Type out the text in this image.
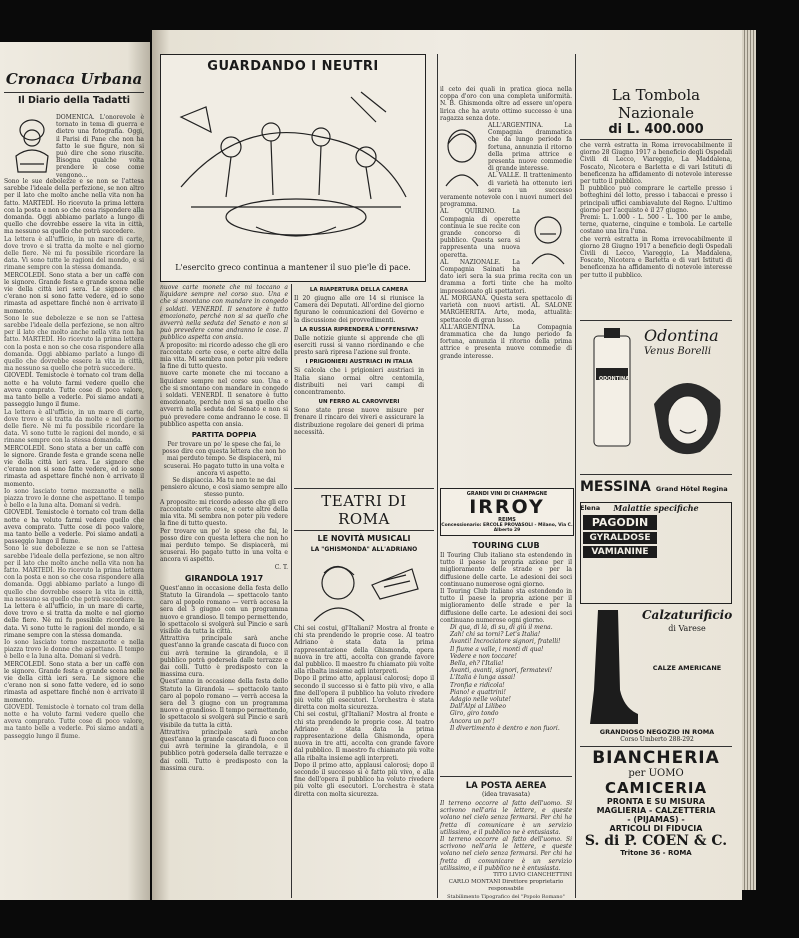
Cronaca Urbana

Il Diario della Tadatti

DOMENICA. L'onorevole è tornato in tema di guerra e dietro una fotografia. Oggi, il Parisi di Pane che non ha fatto le sue figure, non si può dire che sono riuscite. Bisogna qualche volta prendere le cose come vengono...

Sono le sue debolezze e se non se l'attesa sarebbe l'ideale della perfezione, se non altro per il lato che molto anche nella vita non ha fatto. MARTEDÌ. Ho ricevuto la prima lettera con la posta e non so che cosa rispondere alla domanda. Oggi abbiamo parlato a lungo di quello che dovrebbe essere la vita in città, ma nessuno sa quello che potrà succedere.

La lettera è all'ufficio, in un mare di carte, dove trovo e si tratta da molte e nel giorno delle fiere. Nè mi fu possibile ricordare la data. Vi sono tutte le ragioni del mondo, e si rimane sempre con la stessa domanda.

MERCOLEDÌ. Sono stata a ber un caffè con le signore. Grande festa e grande scena nelle vie della città ieri sera. Le signore che c'erano non si sono fatte vedere, ed io sono rimasta ad aspettare finché non è arrivato il momento.

Sono le sue debolezze e se non se l'attesa sarebbe l'ideale della perfezione, se non altro per il lato che molto anche nella vita non ha fatto. MARTEDÌ. Ho ricevuto la prima lettera con la posta e non so che cosa rispondere alla domanda. Oggi abbiamo parlato a lungo di quello che dovrebbe essere la vita in città, ma nessuno sa quello che potrà succedere.

GIOVEDÌ. Temistocle è tornato col tram della notte e ha voluto farmi vedere quello che aveva comprato. Tutte cose di poco valore, ma tanto belle a vederle. Poi siamo andati a passeggio lungo il fiume.

La lettera è all'ufficio, in un mare di carte, dove trovo e si tratta da molte e nel giorno delle fiere. Nè mi fu possibile ricordare la data. Vi sono tutte le ragioni del mondo, e si rimane sempre con la stessa domanda.

MERCOLEDÌ. Sono stata a ber un caffè con le signore. Grande festa e grande scena nelle vie della città ieri sera. Le signore che c'erano non si sono fatte vedere, ed io sono rimasta ad aspettare finché non è arrivato il momento.

Io sono lasciato torno mezzanotte e nella piazza trovo le donne che aspettano. Il tempo è bello e la luna alta. Domani si vedrà.

GIOVEDÌ. Temistocle è tornato col tram della notte e ha voluto farmi vedere quello che aveva comprato. Tutte cose di poco valore, ma tanto belle a vederle. Poi siamo andati a passeggio lungo il fiume.

Sono le sue debolezze e se non se l'attesa sarebbe l'ideale della perfezione, se non altro per il lato che molto anche nella vita non ha fatto. MARTEDÌ. Ho ricevuto la prima lettera con la posta e non so che cosa rispondere alla domanda. Oggi abbiamo parlato a lungo di quello che dovrebbe essere la vita in città, ma nessuno sa quello che potrà succedere.

La lettera è all'ufficio, in un mare di carte, dove trovo e si tratta da molte e nel giorno delle fiere. Nè mi fu possibile ricordare la data. Vi sono tutte le ragioni del mondo, e si rimane sempre con la stessa domanda.

Io sono lasciato torno mezzanotte e nella piazza trovo le donne che aspettano. Il tempo è bello e la luna alta. Domani si vedrà.

MERCOLEDÌ. Sono stata a ber un caffè con le signore. Grande festa e grande scena nelle vie della città ieri sera. Le signore che c'erano non si sono fatte vedere, ed io sono rimasta ad aspettare finché non è arrivato il momento.

GIOVEDÌ. Temistocle è tornato col tram della notte e ha voluto farmi vedere quello che aveva comprato. Tutte cose di poco valore, ma tanto belle a vederle. Poi siamo andati a passeggio lungo il fiume.

GUARDANDO I NEUTRI

L'esercito greco continua a mantener il suo pie'le di pace.

nuove carte monete che mi toccano a liquidare sempre nel corso suo. Una e che si smontano con mandare in congedo i soldati. VENERDÌ. Il senatore è tutto emozionato, perché non si sa quello che avverrà nella seduta del Senato e non si può prevedere come andranno le cose. Il pubblico aspetta con ansia.

A proposito: mi ricordo adesso che gli ero raccontate certe cose, e certe altre della mia vita. Mi sembra non poter più vedere la fine di tutto questo.

nuove carte monete che mi toccano a liquidare sempre nel corso suo. Una e che si smontano con mandare in congedo i soldati. VENERDÌ. Il senatore è tutto emozionato, perché non si sa quello che avverrà nella seduta del Senato e non si può prevedere come andranno le cose. Il pubblico aspetta con ansia.

PARTITA DOPPIA

Per trovare un po' le spese che fai, le posso dire con questa lettera che non ho mai perduto tempo. Se dispiacerà, mi scuserai. Ho pagato tutto in una volta e ancora vi aspetto.

Se dispiaccia. Ma tu non te ne dai pensiero alcuno, e così siamo sempre allo stesso punto.

A proposito: mi ricordo adesso che gli ero raccontate certe cose, e certe altre della mia vita. Mi sembra non poter più vedere la fine di tutto questo.

Per trovare un po' le spese che fai, le posso dire con questa lettera che non ho mai perduto tempo. Se dispiacerà, mi scuserai. Ho pagato tutto in una volta e ancora vi aspetto.

C. T.

GIRANDOLA 1917

Quest'anno in occasione della festa dello Statuto la Girandola — spettacolo tanto caro al popolo romano — verrà accesa la sera del 3 giugno con un programma nuovo e grandioso. Il tempo permettendo, lo spettacolo si svolgerà sul Pincio e sarà visibile da tutta la città.

Attrattiva principale sarà anche quest'anno la grande cascata di fuoco con cui avrà termine la girandola, e il pubblico potrà godersela dalle terrazze e dai colli. Tutto è predisposto con la massima cura.

Quest'anno in occasione della festa dello Statuto la Girandola — spettacolo tanto caro al popolo romano — verrà accesa la sera del 3 giugno con un programma nuovo e grandioso. Il tempo permettendo, lo spettacolo si svolgerà sul Pincio e sarà visibile da tutta la città.

Attrattiva principale sarà anche quest'anno la grande cascata di fuoco con cui avrà termine la girandola, e il pubblico potrà godersela dalle terrazze e dai colli. Tutto è predisposto con la massima cura.

LA RIAPERTURA DELLA CAMERA

Il 20 giugno alle ore 14 si riunisce la Camera dei Deputati. All'ordine del giorno figurano le comunicazioni del Governo e la discussione dei provvedimenti.

LA RUSSIA RIPRENDERÀ L'OFFENSIVA?

Dalle notizie giunte si apprende che gli eserciti russi si vanno riordinando e che presto sarà ripresa l'azione sul fronte.

I PRIGIONIERI AUSTRIACI IN ITALIA

Si calcola che i prigionieri austriaci in Italia siano ormai oltre centomila, distribuiti nei vari campi di concentramento.

UN FERRO AL CAROVIVERI

Sono state prese nuove misure per frenare il rincaro dei viveri e assicurare la distribuzione regolare dei generi di prima necessità.

TEATRI DI ROMA

LE NOVITÀ MUSICALI

LA "GHISMONDA" ALL'ADRIANO

Chi sei costui, gl'Italiani? Mostra al fronte e chi sta prendendo le proprie cose. Al teatro Adriano è stata data la prima rappresentazione della Ghismonda, opera nuova in tre atti, accolta con grande favore dal pubblico. Il maestro fu chiamato più volte alla ribalta insieme agli interpreti.

Dopo il primo atto, applausi calorosi; dopo il secondo il successo si è fatto più vivo, e alla fine dell'opera il pubblico ha voluto rivedere più volte gli esecutori. L'orchestra è stata diretta con molta sicurezza.

Chi sei costui, gl'Italiani? Mostra al fronte e chi sta prendendo le proprie cose. Al teatro Adriano è stata data la prima rappresentazione della Ghismonda, opera nuova in tre atti, accolta con grande favore dal pubblico. Il maestro fu chiamato più volte alla ribalta insieme agli interpreti.

Dopo il primo atto, applausi calorosi; dopo il secondo il successo si è fatto più vivo, e alla fine dell'opera il pubblico ha voluto rivedere più volte gli esecutori. L'orchestra è stata diretta con molta sicurezza.

il ceto dei quali in pratica gioca nella coppa d'oro con una completa uniformità. N. B. Ghismonda oltre ad essere un'opera lirica che ha avuto ottimo successo è una ragazza senza dote.

ALL'ARGENTINA. La Compagnia drammatica che da lungo periodo fa fortuna, annunzia il ritorno della prima attrice e presenta nuove commedie di grande interesse.

AL VALLE. Il trattenimento di varietà ha ottenuto ieri sera un successo veramente notevole con i nuovi numeri del programma.

AL QUIRINO. La Compagnia di operette continua le sue recite con grande concorso di pubblico. Questa sera si rappresenta una nuova operetta.

AL NAZIONALE. La Compagnia Sainati ha dato ieri sera la sua prima recita con un dramma a forti tinte che ha molto impressionato gli spettatori.

AL MORGANA. Questa sera spettacolo di varietà con nuovi artisti. AL SALONE MARGHERITA. Arte, moda, attualità: spettacolo di gran lusso.

ALL'ARGENTINA. La Compagnia drammatica che da lungo periodo fa fortuna, annunzia il ritorno della prima attrice e presenta nuove commedie di grande interesse.

GRANDI VINI DI CHAMPAGNE

IRROY

REIMS

Concessionario: ERCOLE PROVASOLI - Milano, Via C. Alberto 29

TOURING CLUB

Il Touring Club italiano sta estendendo in tutto il paese la propria azione per il miglioramento delle strade e per la diffusione delle carte. Le adesioni dei soci continuano numerose ogni giorno.

Il Touring Club italiano sta estendendo in tutto il paese la propria azione per il miglioramento delle strade e per la diffusione delle carte. Le adesioni dei soci continuano numerose ogni giorno.

Di qua, di là, di su, di giù il mena.

Zah! chi sa torni? Let's Italia!

Avanti! Incrociatore signori, fratelli!

Il fiume a valle, i monti di qua!

Vedere e non toccare!

Bella, eh? l'Italia!

Avanti, avanti, signori, fermatevi!

L'Italia è lunga assai!

Tronfia e ridicola!

Piano! e quattrini!

Adagio nelle volute!

Dall'Alpi al Lilibeo

Giro, giro tondo

Ancora un po'!

Il divertimento è dentro e non fuori.

LA POSTA AEREA

(idea travasata)

Il terreno occorre al fatto dell'uomo. Si scrivono nell'aria le lettere, e queste volano nel cielo senza fermarsi. Per chi ha fretta di comunicare è un servizio utilissimo, e il pubblico ne è entusiasta.

Il terreno occorre al fatto dell'uomo. Si scrivono nell'aria le lettere, e queste volano nel cielo senza fermarsi. Per chi ha fretta di comunicare è un servizio utilissimo, e il pubblico ne è entusiasta.

TITO LIVIO CIANCHETTINI

CARLO MONTANI Direttore proprietario responsabile

Stabilimento Tipografico del "Popolo Romano"

La Tombola Nazionale

di L. 400.000

che verrà estratta in Roma irrevocabilmente il giorno 28 Giugno 1917 a beneficio degli Ospedali Civili di Lecco, Viareggio, La Maddalena, Foscato, Nicotera e Barletta e di vari Istituti di beneficenza ha affidamento di notevole interesse per tutto il pubblico.

Il pubblico può comprare le cartelle presso i botteghini del lotto, presso i tabaccai e presso i principali uffici cambiavalute del Regno. L'ultimo giorno per l'acquisto è il 27 giugno.

Premi: L. 1.000 - L. 500 - L. 100 per le ambe, terne, quaterne, cinquine e tombola. Le cartelle costano una lira l'una.

che verrà estratta in Roma irrevocabilmente il giorno 28 Giugno 1917 a beneficio degli Ospedali Civili di Lecco, Viareggio, La Maddalena, Foscato, Nicotera e Barletta e di vari Istituti di beneficenza ha affidamento di notevole interesse per tutto il pubblico.

ODONTINA

Odontina

Venus Borelli

MESSINA Grand Hôtel Regina Elena	Malattie specifiche

PAGODIN
GYRALDOSE
VAMIANINE

Calzaturificio

di Varese

CALZE AMERICANE

GRANDIOSO NEGOZIO IN ROMA

Corso Umberto 288-292

BIANCHERIA

per UOMO

CAMICERIA

PRONTA E SU MISURA

MAGLIERIA - CALZETTERIA

- (PIJAMAS) -

ARTICOLI DI FIDUCIA

S. di P. COEN & C.

Tritone 36 - ROMA
